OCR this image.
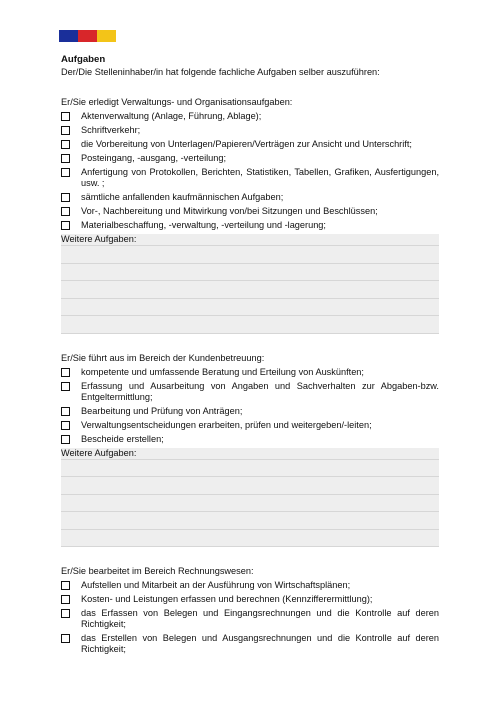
Aufgaben

Der/Die Stelleninhaber/in hat folgende fachliche Aufgaben selber auszuführen:

Er/Sie erledigt Verwaltungs- und Organisationsaufgaben:

Aktenverwaltung (Anlage, Führung, Ablage);
Schriftverkehr;
die Vorbereitung von Unterlagen/Papieren/Verträgen zur Ansicht und Unterschrift;
Posteingang, -ausgang, -verteilung;
Anfertigung von Protokollen, Berichten, Statistiken, Tabellen, Grafiken, Ausfertigungen, usw. ;
sämtliche anfallenden kaufmännischen Aufgaben;
Vor-, Nachbereitung und Mitwirkung von/bei Sitzungen und Beschlüssen;
Materialbeschaffung, -verwaltung, -verteilung und -lagerung;
Weitere Aufgaben:

Er/Sie führt aus im Bereich der Kundenbetreuung:

kompetente und umfassende Beratung und Erteilung von Auskünften;
Erfassung und Ausarbeitung von Angaben und Sachverhalten zur Abgaben-bzw. Entgeltermittlung;
Bearbeitung und Prüfung von Anträgen;
Verwaltungsentscheidungen erarbeiten, prüfen und weitergeben/-leiten;
Bescheide erstellen;
Weitere Aufgaben:

Er/Sie bearbeitet im Bereich Rechnungswesen:

Aufstellen und Mitarbeit an der Ausführung von Wirtschaftsplänen;
Kosten- und Leistungen erfassen und berechnen (Kennzifferermittlung);
das Erfassen von Belegen und Eingangsrechnungen und die Kontrolle auf deren Richtigkeit;
das Erstellen von Belegen und Ausgangsrechnungen und die Kontrolle auf deren Richtigkeit;
